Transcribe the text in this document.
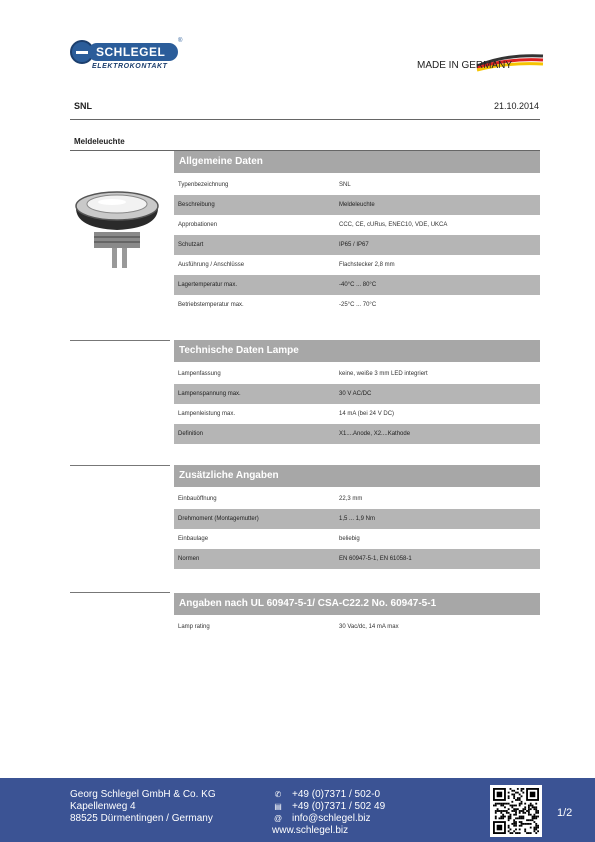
SCHLEGEL
®
ELEKTROKONTAKT	MADE IN GERMANY
SNL	21.10.2014
Meldeleuchte
Allgemeine Daten
Typenbezeichnung	SNL
Beschreibung	Meldeleuchte
Approbationen	CCC, CE, cURus, ENEC10, VDE, UKCA
Schutzart	IP65 / IP67
Ausführung / Anschlüsse	Flachstecker 2,8 mm
Lagertemperatur max.	-40°C ... 80°C
Betriebstemperatur max.	-25°C ... 70°C
Technische Daten Lampe
Lampenfassung	keine, weiße 3 mm LED integriert
Lampenspannung max.	30 V AC/DC
Lampenleistung max.	14 mA (bei 24 V DC)
Definition	X1....Anode, X2....Kathode
Zusätzliche Angaben
Einbauöffnung	22,3 mm
Drehmoment (Montagemutter)	1,5 ... 1,9 Nm
Einbaulage	beliebig
Normen	EN 60947-5-1, EN 61058-1
Angaben nach UL 60947-5-1/ CSA-C22.2 No. 60947-5-1
Lamp rating	30 Vac/dc, 14 mA max
Georg Schlegel GmbH & Co. KG
Kapellenweg 4
88525 Dürmentingen / Germany
✆ +49 (0)7371 / 502-0
▤ +49 (0)7371 / 502 49
@ info@schlegel.biz
www.schlegel.biz
1/2
